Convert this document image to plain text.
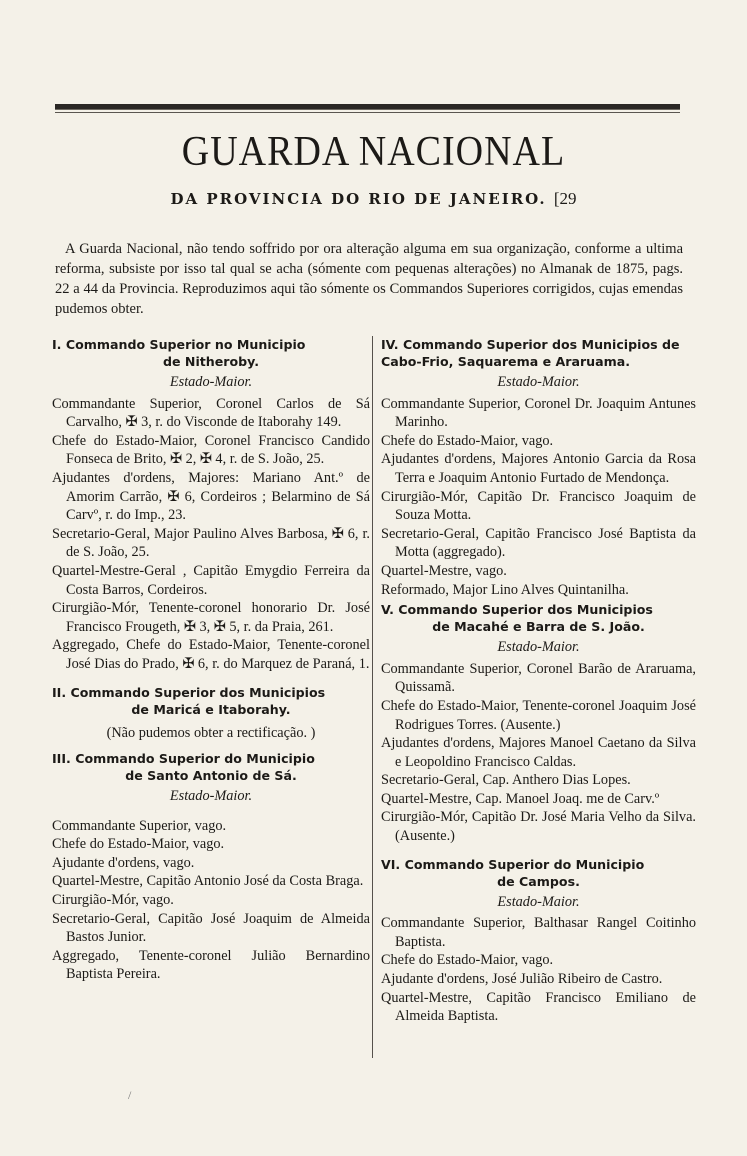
GUARDA NACIONAL
DA PROVINCIA DO RIO DE JANEIRO. [29

A Guarda Nacional, não tendo soffrido por ora alteração alguma em sua organização, conforme a ultima reforma, subsiste por isso tal qual se acha (sómente com pequenas alterações) no Almanak de 1875, pags. 22 a 44 da Provincia. Reproduzimos aqui tão sómente os Commandos Superiores corrigidos, cujas emendas pudemos obter.

I. Commando Superior no Municipio
de Nitheroby.
Estado-Maior.

Commandante Superior, Coronel Carlos de Sá Carvalho, ✠ 3, r. do Visconde de Itaborahy 149.

Chefe do Estado-Maior, Coronel Francisco Candido Fonseca de Brito, ✠ 2, ✠ 4, r. de S. João, 25.

Ajudantes d'ordens, Majores: Mariano Ant.º de Amorim Carrão, ✠ 6, Cordeiros ; Belarmino de Sá Carvº, r. do Imp., 23.

Secretario-Geral, Major Paulino Alves Barbosa, ✠ 6, r. de S. João, 25.

Quartel-Mestre-Geral , Capitão Emygdio Ferreira da Costa Barros, Cordeiros.

Cirurgião-Mór, Tenente-coronel honorario Dr. José Francisco Frougeth, ✠ 3, ✠ 5, r. da Praia, 261.

Aggregado, Chefe do Estado-Maior, Tenente-coronel José Dias do Prado, ✠ 6, r. do Marquez de Paraná, 1.

II. Commando Superior dos Municipios
de Maricá e Itaborahy.
(Não pudemos obter a rectificação. )
III. Commando Superior do Municipio
de Santo Antonio de Sá.
Estado-Maior.

Commandante Superior, vago.

Chefe do Estado-Maior, vago.

Ajudante d'ordens, vago.

Quartel-Mestre, Capitão Antonio José da Costa Braga.

Cirurgião-Mór, vago.

Secretario-Geral, Capitão José Joaquim de Almeida Bastos Junior.

Aggregado, Tenente-coronel Julião Bernardino Baptista Pereira.

IV. Commando Superior dos Municipios de Cabo-Frio, Saquarema e Araruama.
Estado-Maior.

Commandante Superior, Coronel Dr. Joaquim Antunes Marinho.

Chefe do Estado-Maior, vago.

Ajudantes d'ordens, Majores Antonio Garcia da Rosa Terra e Joaquim Antonio Furtado de Mendonça.

Cirurgião-Mór, Capitão Dr. Francisco Joaquim de Souza Motta.

Secretario-Geral, Capitão Francisco José Baptista da Motta (aggregado).

Quartel-Mestre, vago.

Reformado, Major Lino Alves Quintanilha.

V. Commando Superior dos Municipios
de Macahé e Barra de S. João.
Estado-Maior.

Commandante Superior, Coronel Barão de Araruama, Quissamã.

Chefe do Estado-Maior, Tenente-coronel Joaquim José Rodrigues Torres. (Ausente.)

Ajudantes d'ordens, Majores Manoel Caetano da Silva e Leopoldino Francisco Caldas.

Secretario-Geral, Cap. Anthero Dias Lopes.

Quartel-Mestre, Cap. Manoel Joaq. me de Carv.º

Cirurgião-Mór, Capitão Dr. José Maria Velho da Silva. (Ausente.)

VI. Commando Superior do Municipio
de Campos.
Estado-Maior.

Commandante Superior, Balthasar Rangel Coitinho Baptista.

Chefe do Estado-Maior, vago.

Ajudante d'ordens, José Julião Ribeiro de Castro.

Quartel-Mestre, Capitão Francisco Emiliano de Almeida Baptista.

/
